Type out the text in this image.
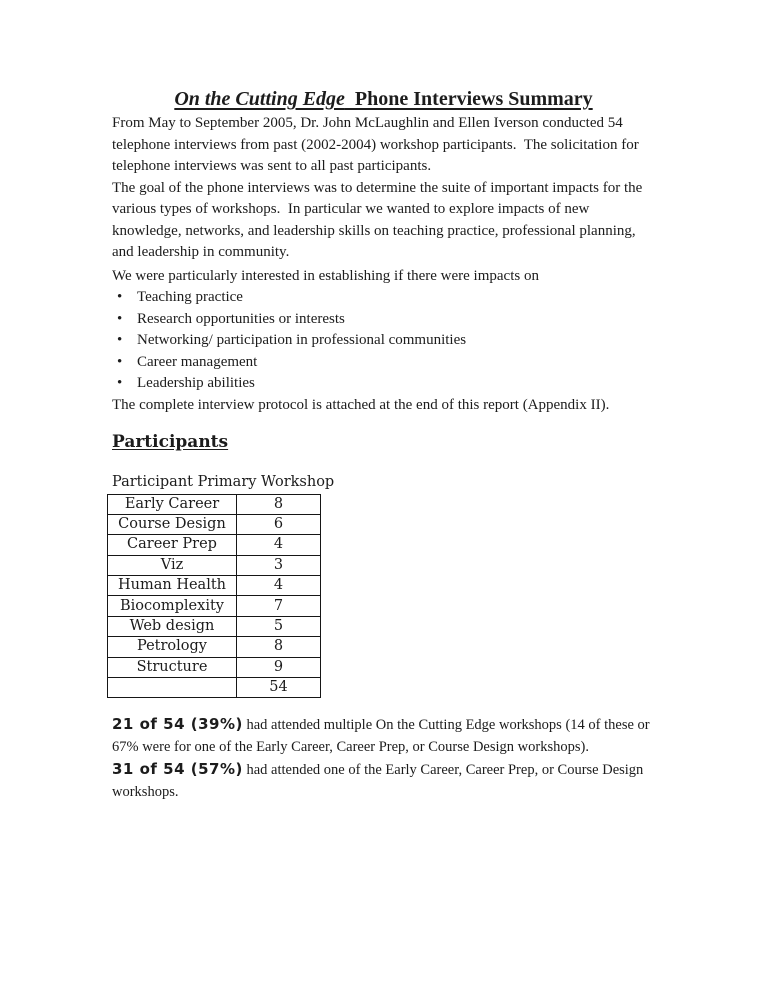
On the Cutting Edge  Phone Interviews Summary

From May to September 2005, Dr. John McLaughlin and Ellen Iverson conducted 54 telephone interviews from past (2002-2004) workshop participants.  The solicitation for telephone interviews was sent to all past participants.

The goal of the phone interviews was to determine the suite of important impacts for the various types of workshops.  In particular we wanted to explore impacts of new knowledge, networks, and leadership skills on teaching practice, professional planning, and leadership in community.

We were particularly interested in establishing if there were impacts on

• Teaching practice
• Research opportunities or interests
• Networking/ participation in professional communities
• Career management
• Leadership abilities

The complete interview protocol is attached at the end of this report (Appendix II).

Participants

Participant Primary Workshop

Early Career	8
Course Design	6
Career Prep	4
Viz	3
Human Health	4
Biocomplexity	7
Web design	5
Petrology	8
Structure	9
	54

21 of 54 (39%) had attended multiple On the Cutting Edge workshops (14 of these or 67% were for one of the Early Career, Career Prep, or Course Design workshops).

31 of 54 (57%) had attended one of the Early Career, Career Prep, or Course Design workshops.
